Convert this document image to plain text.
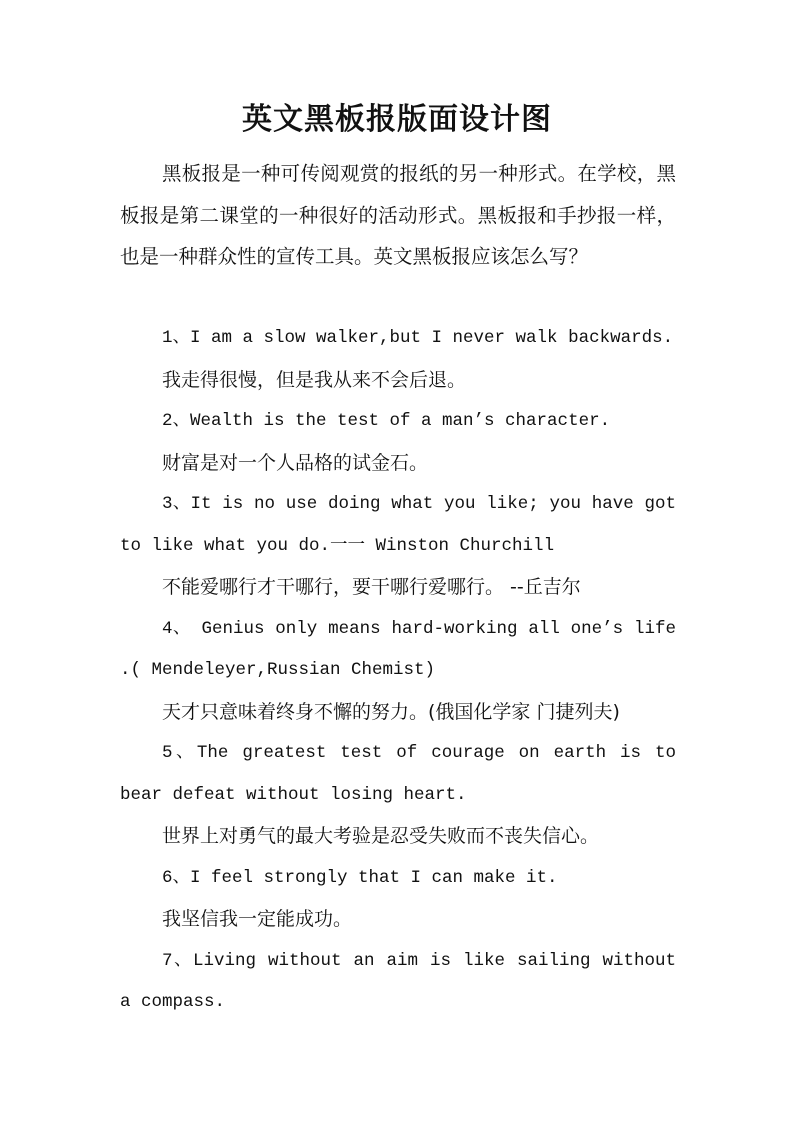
英文黑板报版面设计图

黑板报是一种可传阅观赏的报纸的另一种形式。在学校，黑板报是第二课堂的一种很好的活动形式。黑板报和手抄报一样，也是一种群众性的宣传工具。英文黑板报应该怎么写？

1、I am a slow walker,but I never walk backwards.

我走得很慢，但是我从来不会后退。

2、Wealth is the test of a man’s character.

财富是对一个人品格的试金石。

3、It is no use doing what you like; you have got to like what you do.一一 Winston Churchill

不能爱哪行才干哪行，要干哪行爱哪行。 --丘吉尔

4、 Genius only means hard-working all one’s life .( Mendeleyer,Russian Chemist)

天才只意味着终身不懈的努力。(俄国化学家 门捷列夫)

5、The greatest test of courage on earth is to bear defeat without losing heart.

世界上对勇气的最大考验是忍受失败而不丧失信心。

6、I feel strongly that I can make it.

我坚信我一定能成功。

7、Living without an aim is like sailing without a compass.
